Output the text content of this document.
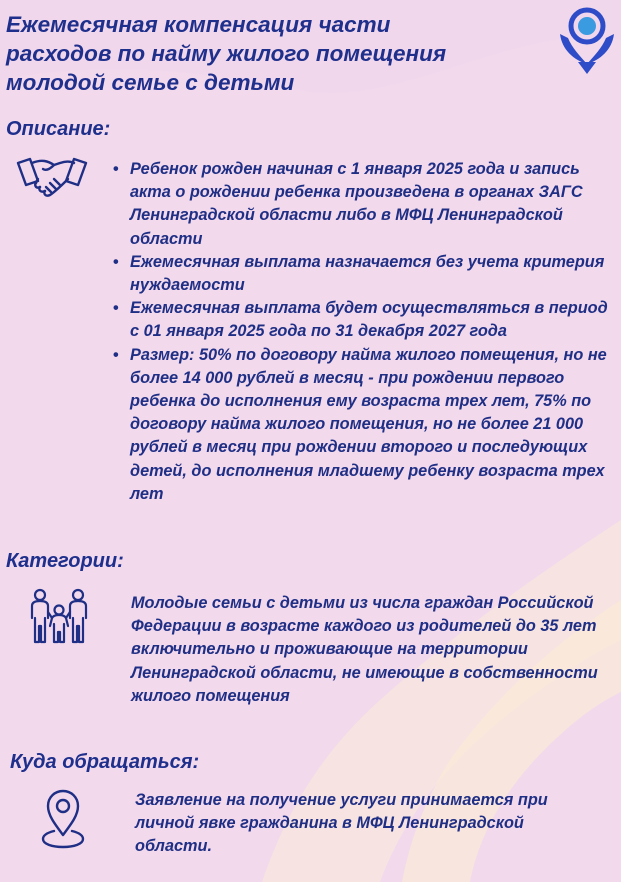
Ежемесячная компенсация части
расходов по найму жилого помещения
молодой семье с детьми
Описание:
• Ребенок рожден начиная с 1 января 2025 года и запись акта о рождении ребенка произведена в органах ЗАГС Ленинградской области либо в МФЦ Ленинградской области
• Ежемесячная выплата назначается без учета критерия нуждаемости
• Ежемесячная выплата будет осуществляться в период с 01 января 2025 года по 31 декабря 2027 года
• Размер: 50% по договору найма жилого помещения, но не более 14 000 рублей в месяц - при рождении первого ребенка до исполнения ему возраста трех лет, 75% по договору найма жилого помещения, но не более 21 000 рублей в месяц при рождении второго и последующих детей, до исполнения младшему ребенку возраста трех лет
Категории:

Молодые семьи с детьми из числа граждан Российской Федерации в возрасте каждого из родителей до 35 лет включительно и проживающие на территории Ленинградской области, не имеющие в собственности жилого помещения

Куда обращаться:

Заявление на получение услуги принимается при личной явке гражданина в МФЦ Ленинградской области.
